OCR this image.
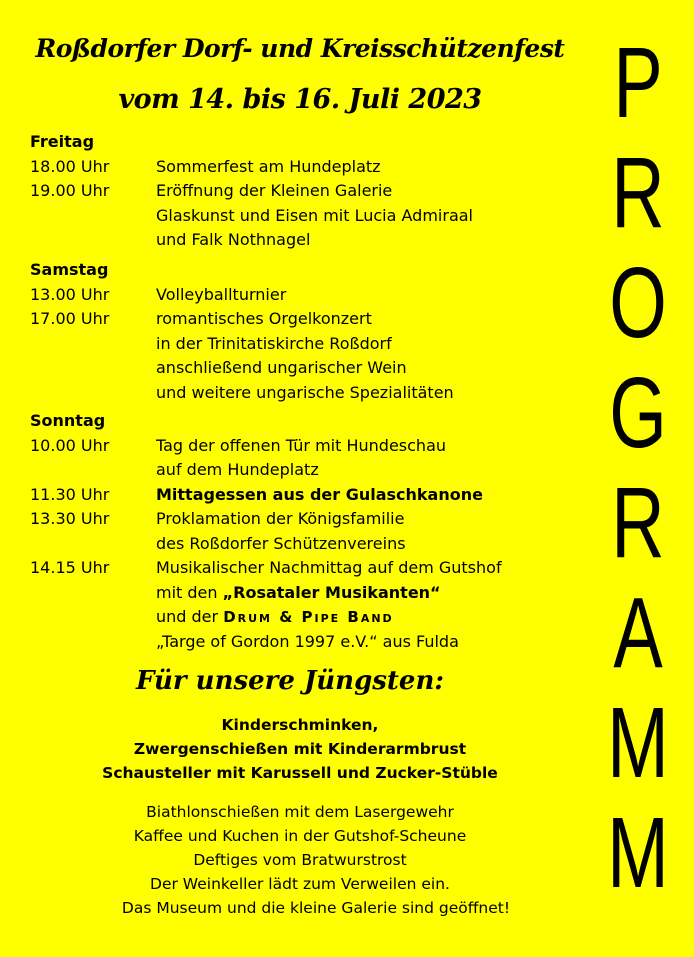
Roßdorfer Dorf- und Kreisschützenfest
vom 14. bis 16. Juli 2023	P
R
O
G
R
A
M
M
Freitag
18.00 Uhr	Sommerfest am Hundeplatz
19.00 Uhr	Eröffnung der Kleinen Galerie
Glaskunst und Eisen mit Lucia Admiraal
und Falk Nothnagel
Samstag
13.00 Uhr	Volleyballturnier
17.00 Uhr	romantisches Orgelkonzert
in der Trinitatiskirche Roßdorf
anschließend ungarischer Wein
und weitere ungarische Spezialitäten
Sonntag
10.00 Uhr	Tag der offenen Tür mit Hundeschau
auf dem Hundeplatz
11.30 Uhr	Mittagessen aus der Gulaschkanone
13.30 Uhr	Proklamation der Königsfamilie
des Roßdorfer Schützenvereins
14.15 Uhr	Musikalischer Nachmittag auf dem Gutshof
mit den „Rosataler Musikanten“
und der Drum & Pipe Band
„Targe of Gordon 1997 e.V.“ aus Fulda
Für unsere Jüngsten:
Kinderschminken,
Zwergenschießen mit Kinderarmbrust
Schausteller mit Karussell und Zucker-Stüble
Biathlonschießen mit dem Lasergewehr
Kaffee und Kuchen in der Gutshof-Scheune
Deftiges vom Bratwurstrost
Der Weinkeller lädt zum Verweilen ein.
Das Museum und die kleine Galerie sind geöffnet!
